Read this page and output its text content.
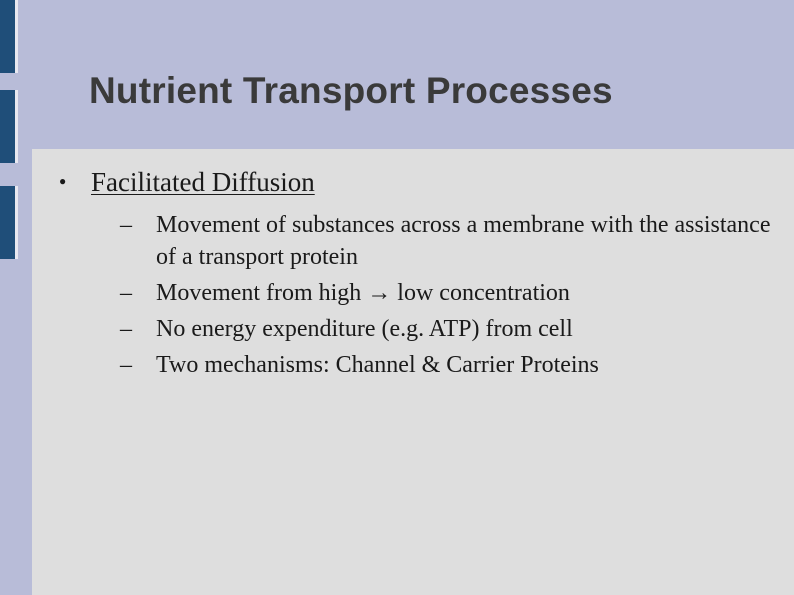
Nutrient Transport Processes
● Facilitated Diffusion
– Movement of substances across a membrane with the assistance of a transport protein
– Movement from high → low concentration
– No energy expenditure (e.g. ATP) from cell
– Two mechanisms: Channel & Carrier Proteins
